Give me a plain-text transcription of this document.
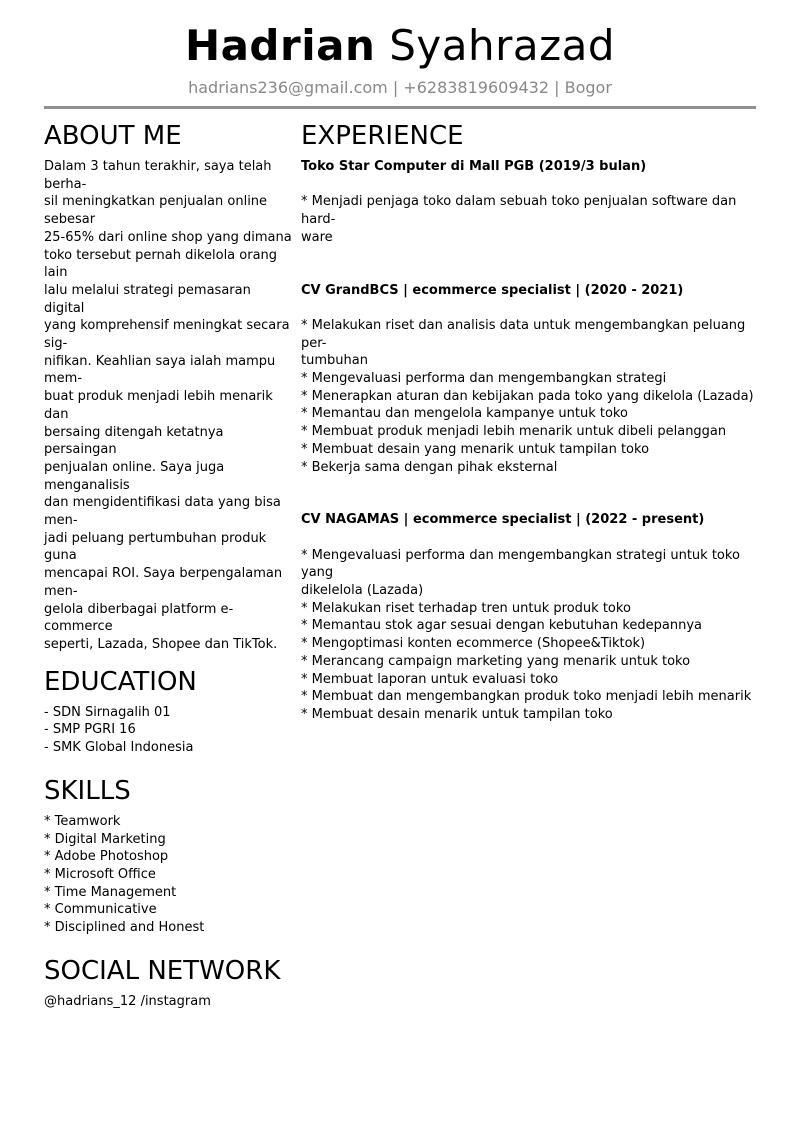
Hadrian Syahrazad
hadrians236@gmail.com | +6283819609432 | Bogor
ABOUT ME
Dalam 3 tahun terakhir, saya telah berha-
sil meningkatkan penjualan online sebesar
25-65% dari online shop yang dimana
toko tersebut pernah dikelola orang lain
lalu melalui strategi pemasaran digital
yang komprehensif meningkat secara sig-
nifikan. Keahlian saya ialah mampu mem-
buat produk menjadi lebih menarik dan
bersaing ditengah ketatnya persaingan
penjualan online. Saya juga menganalisis
dan mengidentifikasi data yang bisa men-
jadi peluang pertumbuhan produk guna
mencapai ROI. Saya berpengalaman men-
gelola diberbagai platform e-commerce
seperti, Lazada, Shopee dan TikTok.
EDUCATION
- SDN Sirnagalih 01
- SMP PGRI 16
- SMK Global Indonesia
SKILLS
* Teamwork
* Digital Marketing
* Adobe Photoshop
* Microsoft Office
* Time Management
* Communicative
* Disciplined and Honest
SOCIAL NETWORK
@hadrians_12 /instagram
EXPERIENCE
Toko Star Computer di Mall PGB (2019/3 bulan)
* Menjadi penjaga toko dalam sebuah toko penjualan software dan hard-
ware
CV GrandBCS | ecommerce specialist | (2020 - 2021)
* Melakukan riset dan analisis data untuk mengembangkan peluang per-
tumbuhan
* Mengevaluasi performa dan mengembangkan strategi
* Menerapkan aturan dan kebijakan pada toko yang dikelola (Lazada)
* Memantau dan mengelola kampanye untuk toko
* Membuat produk menjadi lebih menarik untuk dibeli pelanggan
* Membuat desain yang menarik untuk tampilan toko
* Bekerja sama dengan pihak eksternal
CV NAGAMAS | ecommerce specialist | (2022 - present)
* Mengevaluasi performa dan mengembangkan strategi untuk toko yang
dikelelola (Lazada)
* Melakukan riset terhadap tren untuk produk toko
* Memantau stok agar sesuai dengan kebutuhan kedepannya
* Mengoptimasi konten ecommerce (Shopee&Tiktok)
* Merancang campaign marketing yang menarik untuk toko
* Membuat laporan untuk evaluasi toko
* Membuat dan mengembangkan produk toko menjadi lebih menarik
* Membuat desain menarik untuk tampilan toko
